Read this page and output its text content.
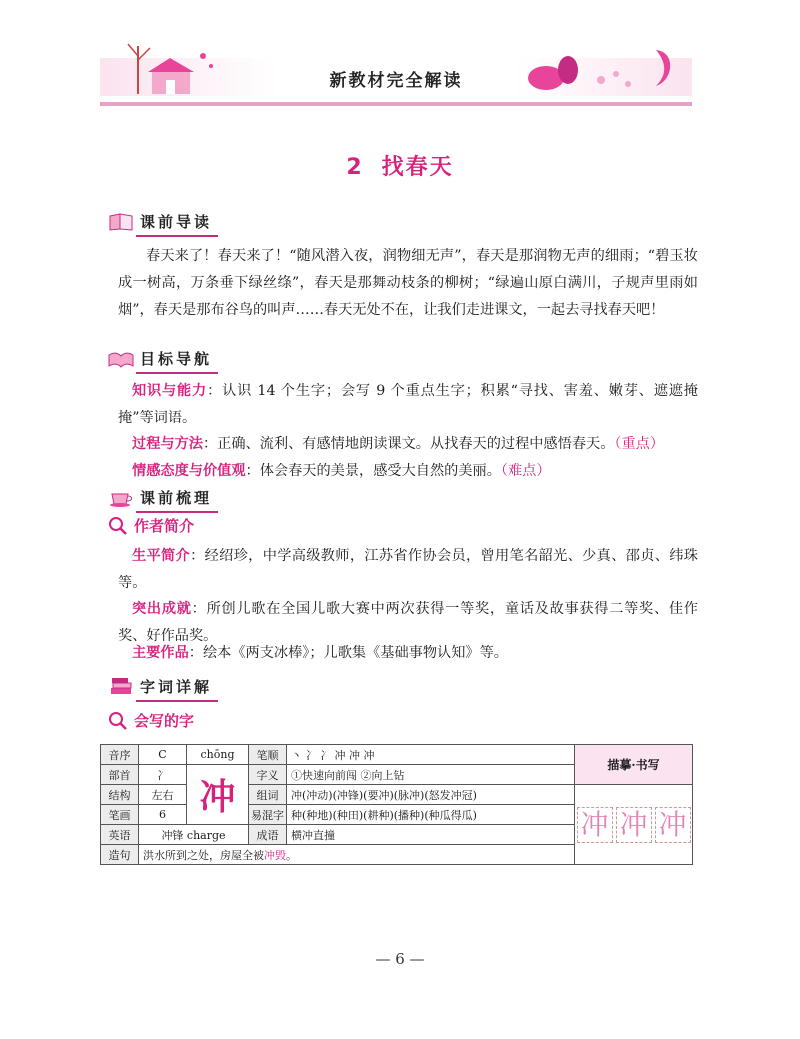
新教材完全解读
2 找春天
课前导读
春天来了！春天来了！“随风潜入夜，润物细无声”，春天是那润物无声的细雨；“碧玉妆成一树高，万条垂下绿丝绦”，春天是那舞动枝条的柳树；“绿遍山原白满川，子规声里雨如烟”，春天是那布谷鸟的叫声……春天无处不在，让我们走进课文，一起去寻找春天吧！
目标导航
知识与能力：认识 14 个生字；会写 9 个重点生字；积累“寻找、害羞、嫩芽、遮遮掩掩”等词语。
过程与方法：正确、流利、有感情地朗读课文。从找春天的过程中感悟春天。（重点）
情感态度与价值观：体会春天的美景，感受大自然的美丽。（难点）
课前梳理
作者简介
生平简介：经绍珍，中学高级教师，江苏省作协会员，曾用笔名韶光、少真、邵贞、纬珠等。
突出成就：所创儿歌在全国儿歌大赛中两次获得一等奖，童话及故事获得二等奖、佳作奖、好作品奖。
主要作品：绘本《两支冰棒》；儿歌集《基础事物认知》等。
字词详解
会写的字
音序	C	chōng	笔顺	丶 冫 冫 冲 冲 冲	描摹·书写
部首	冫	冲	字义	①快速向前闯 ②向上钻	
结构	左右		组词	冲(冲动)(冲锋)(要冲)(脉冲)(怒发冲冠)	冲 冲 冲

笔画	6		易混字	种(种地)(种田)(耕种)(播种)(种瓜得瓜)	
英语	冲锋 charge		成语	横冲直撞	
造句	洪水所到之处，房屋全被冲毁。				
— 6 —
